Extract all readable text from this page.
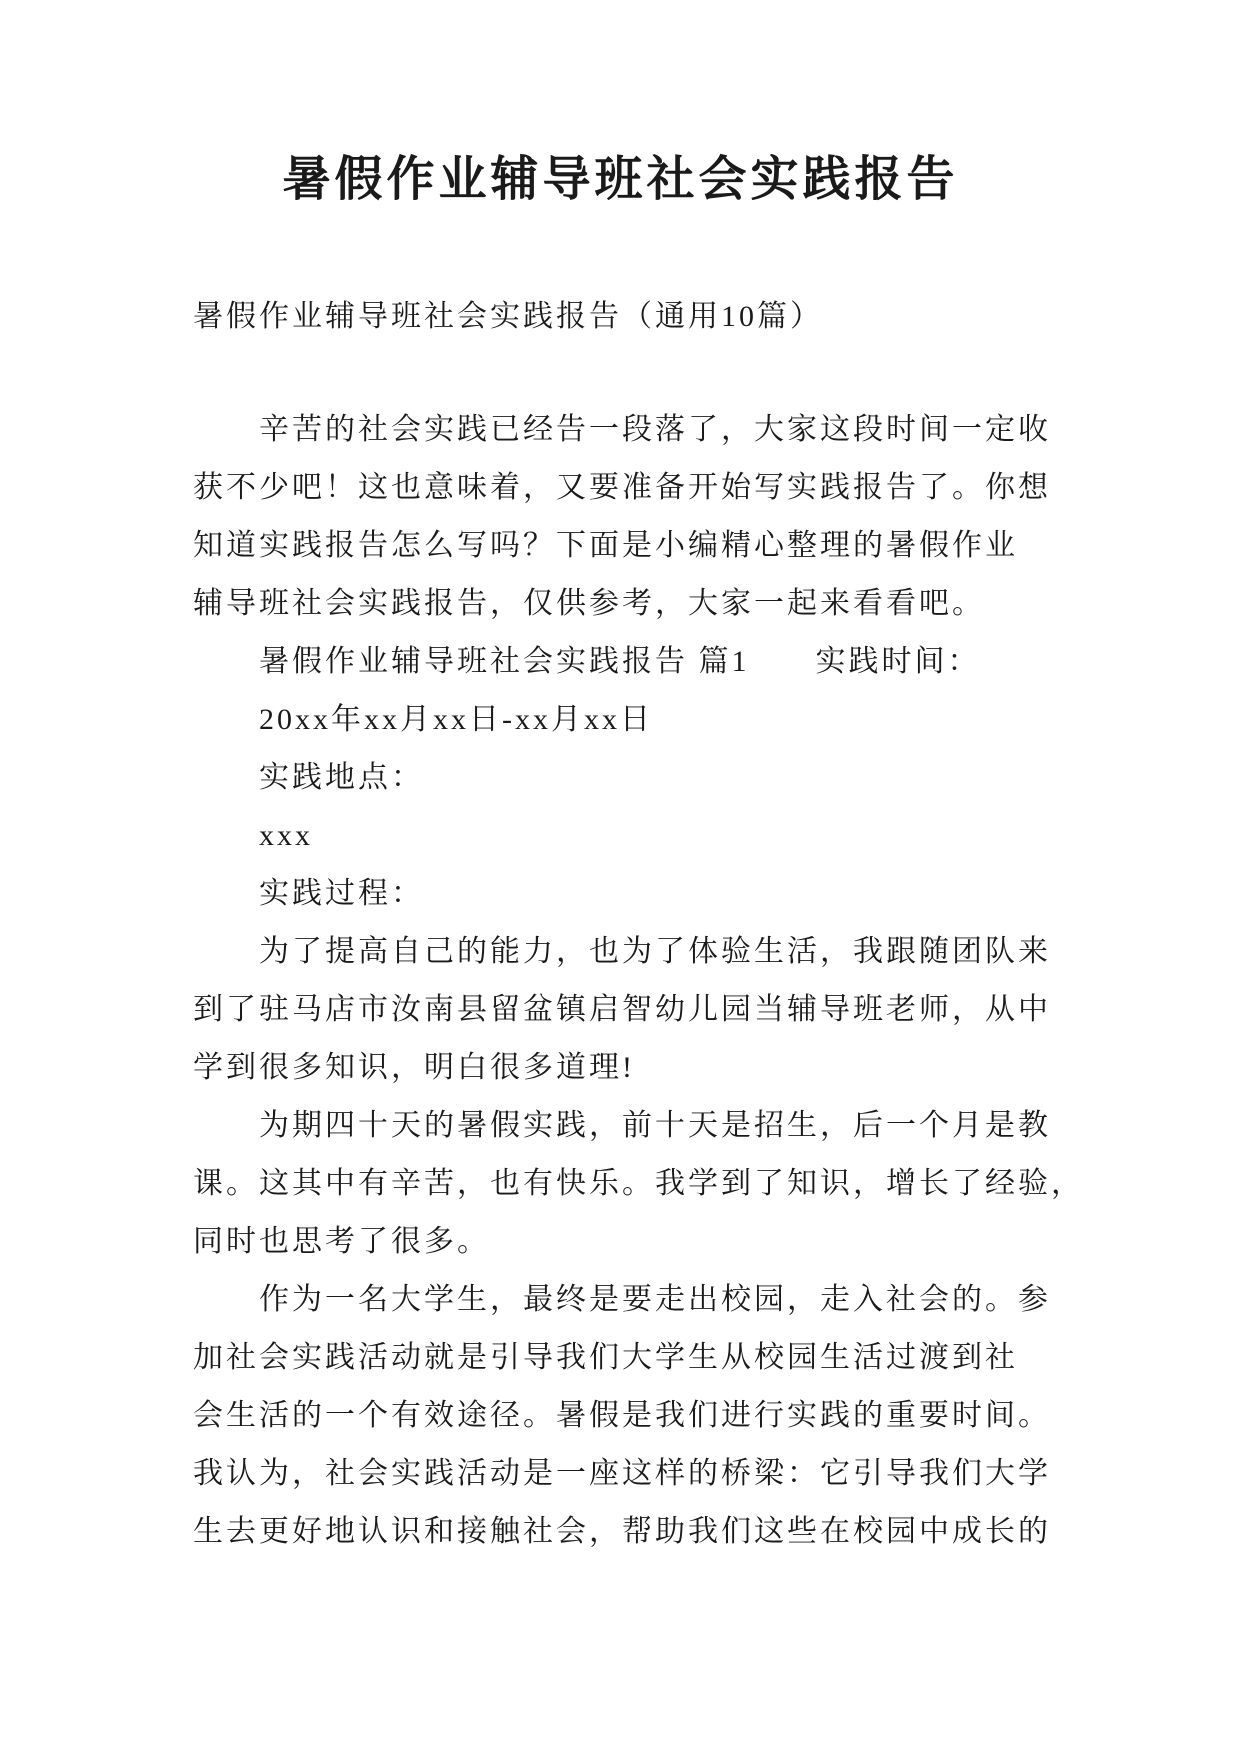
暑假作业辅导班社会实践报告
暑假作业辅导班社会实践报告（通用10篇）
辛苦的社会实践已经告一段落了，大家这段时间一定收
获不少吧！这也意味着，又要准备开始写实践报告了。你想
知道实践报告怎么写吗？下面是小编精心整理的暑假作业
辅导班社会实践报告，仅供参考，大家一起来看看吧。
暑假作业辅导班社会实践报告 篇1　　实践时间：
20xx年xx月xx日-xx月xx日
实践地点：
xxx
实践过程：
为了提高自己的能力，也为了体验生活，我跟随团队来
到了驻马店市汝南县留盆镇启智幼儿园当辅导班老师，从中
学到很多知识，明白很多道理!
为期四十天的暑假实践，前十天是招生，后一个月是教
课。这其中有辛苦，也有快乐。我学到了知识，增长了经验，
同时也思考了很多。
作为一名大学生，最终是要走出校园，走入社会的。参
加社会实践活动就是引导我们大学生从校园生活过渡到社
会生活的一个有效途径。暑假是我们进行实践的重要时间。
我认为，社会实践活动是一座这样的桥梁：它引导我们大学
生去更好地认识和接触社会，帮助我们这些在校园中成长的
